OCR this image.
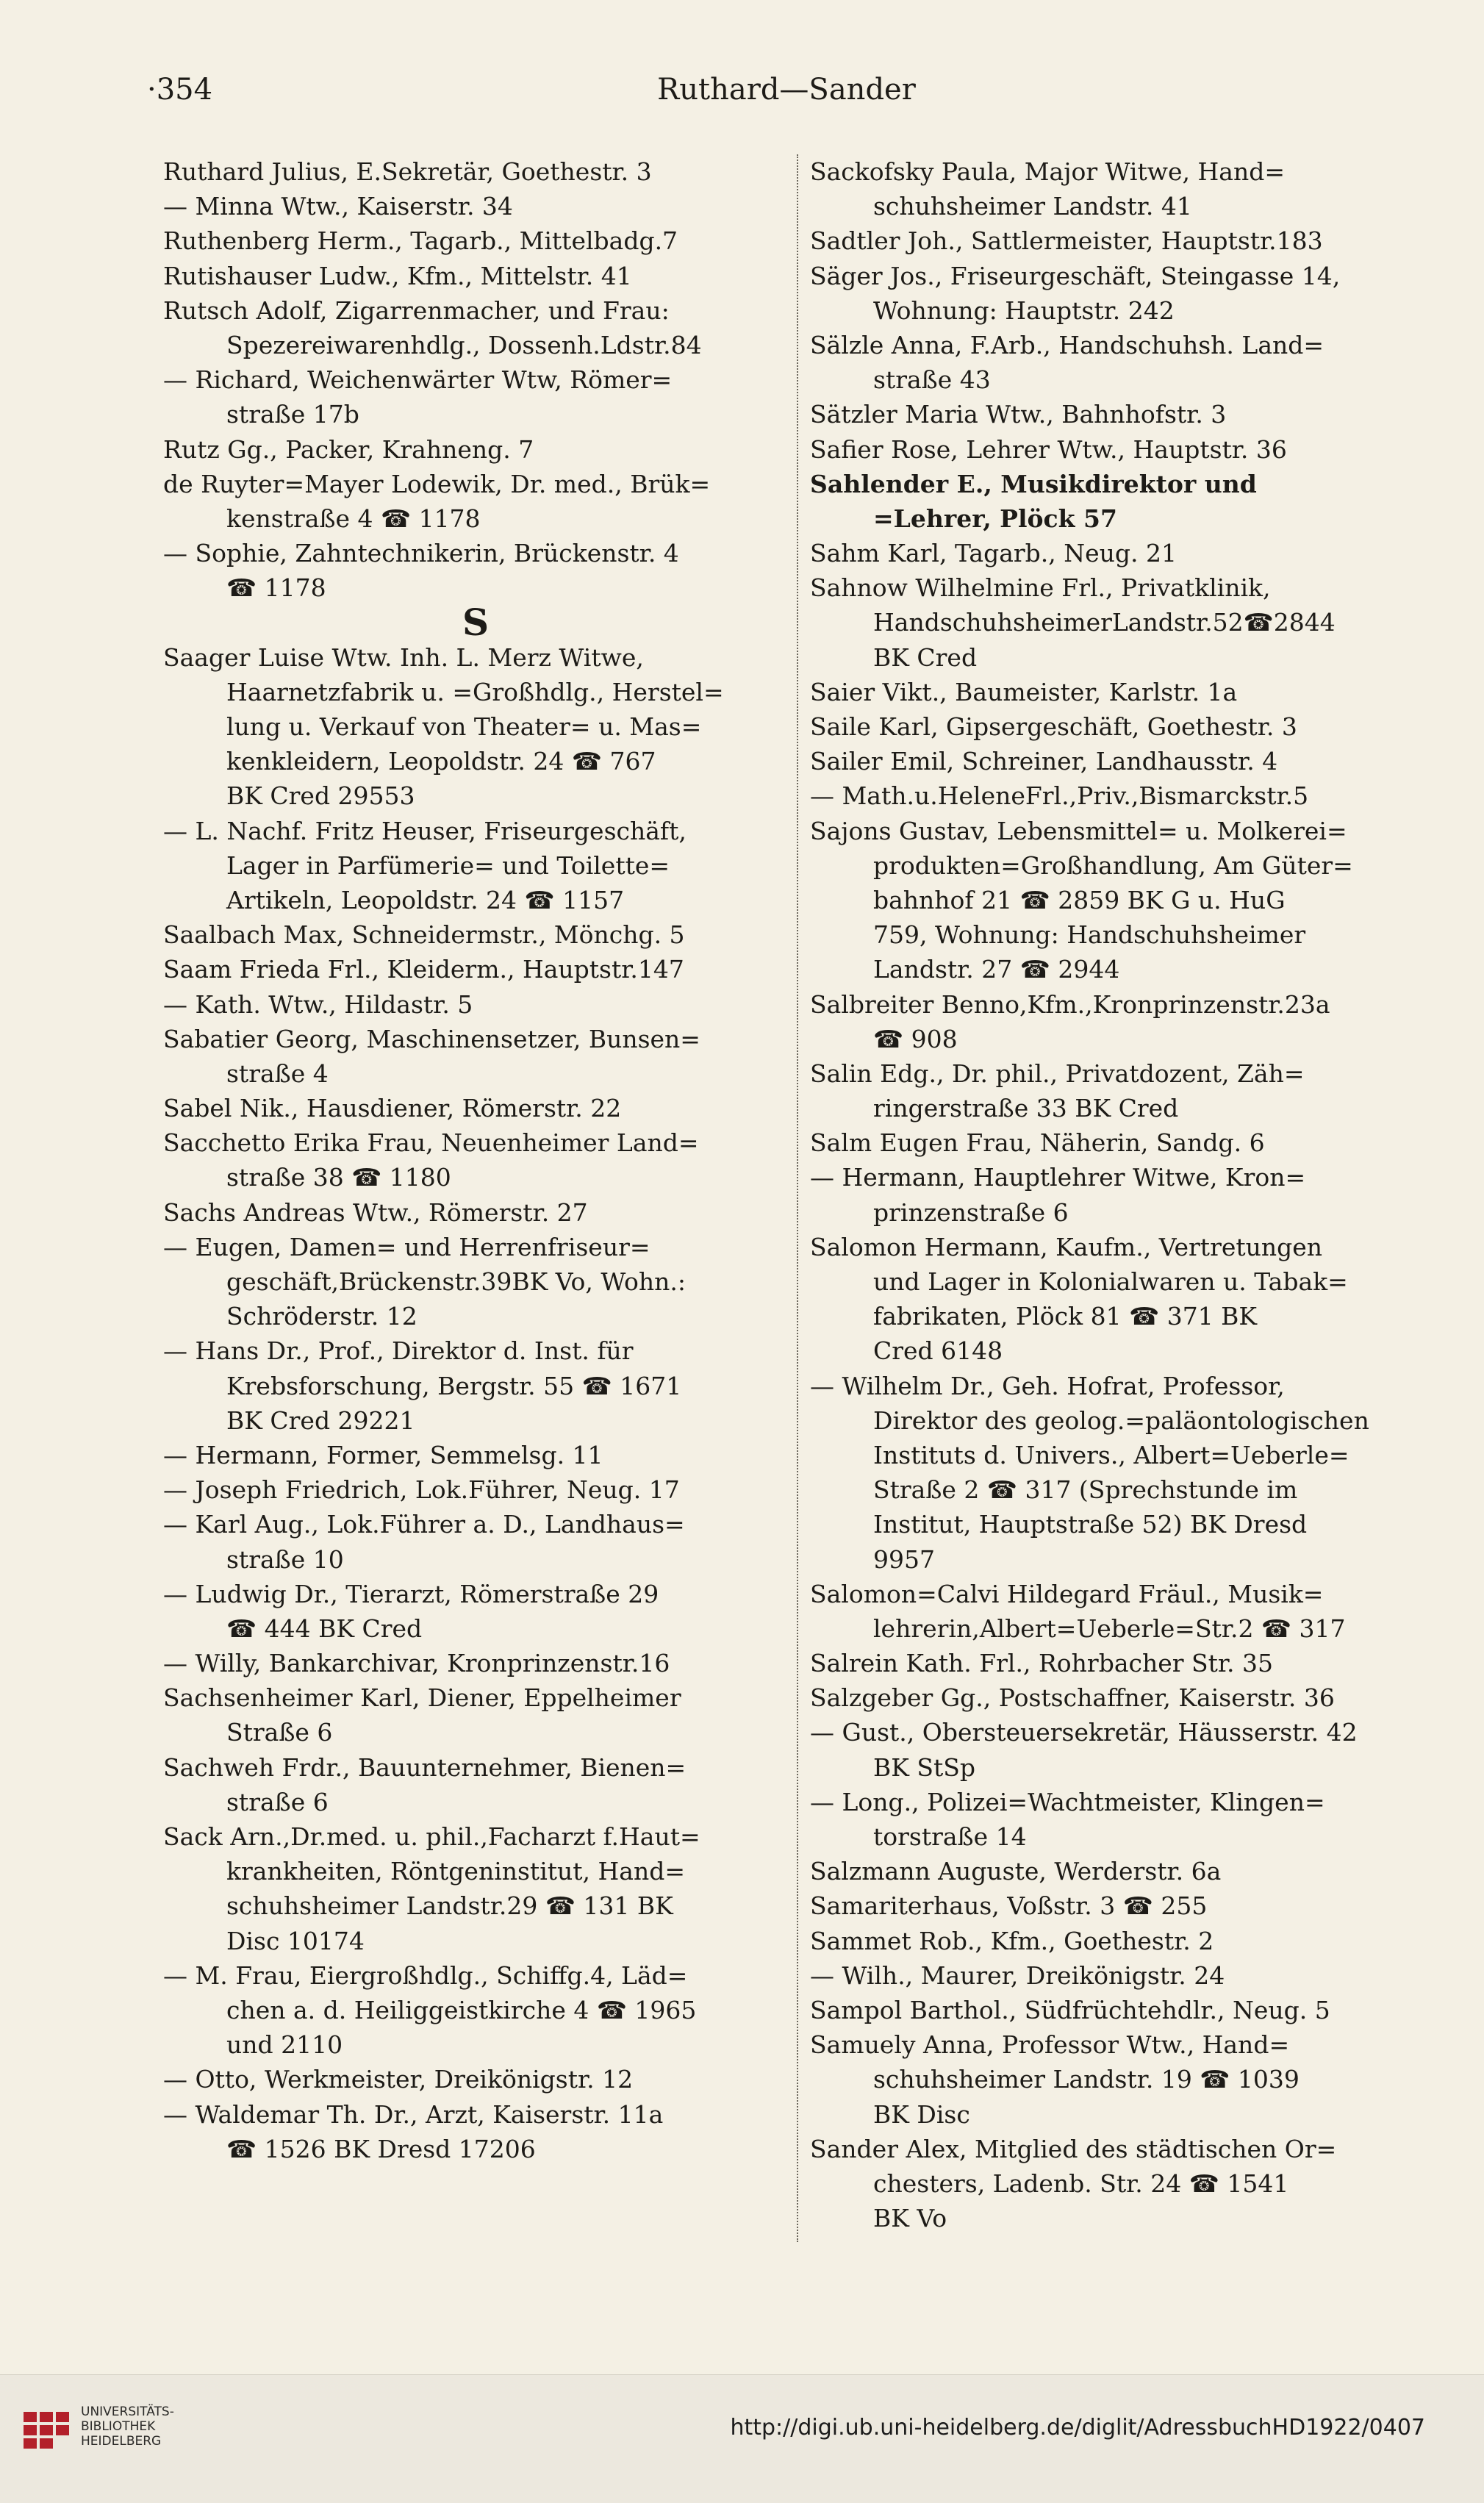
·354	Ruthard—Sander
Ruthard Julius, E.Sekretär, Goethestr. 3
— Minna Wtw., Kaiserstr. 34
Ruthenberg Herm., Tagarb., Mittelbadg.7
Rutishauser Ludw., Kfm., Mittelstr. 41
Rutsch Adolf, Zigarrenmacher, und Frau:
Spezereiwarenhdlg., Dossenh.Ldstr.84
— Richard, Weichenwärter Wtw, Römer=
straße 17b
Rutz Gg., Packer, Krahneng. 7
de Ruyter=Mayer Lodewik, Dr. med., Brük=
kenstraße 4 ☎ 1178
— Sophie, Zahntechnikerin, Brückenstr. 4
☎ 1178
S
Saager Luise Wtw. Inh. L. Merz Witwe,
Haarnetzfabrik u. =Großhdlg., Herstel=
lung u. Verkauf von Theater= u. Mas=
kenkleidern, Leopoldstr. 24 ☎ 767
BK Cred 29553
— L. Nachf. Fritz Heuser, Friseurgeschäft,
Lager in Parfümerie= und Toilette=
Artikeln, Leopoldstr. 24 ☎ 1157
Saalbach Max, Schneidermstr., Mönchg. 5
Saam Frieda Frl., Kleiderm., Hauptstr.147
— Kath. Wtw., Hildastr. 5
Sabatier Georg, Maschinensetzer, Bunsen=
straße 4
Sabel Nik., Hausdiener, Römerstr. 22
Sacchetto Erika Frau, Neuenheimer Land=
straße 38 ☎ 1180
Sachs Andreas Wtw., Römerstr. 27
— Eugen, Damen= und Herrenfriseur=
geschäft,Brückenstr.39BK Vo, Wohn.:
Schröderstr. 12
— Hans Dr., Prof., Direktor d. Inst. für
Krebsforschung, Bergstr. 55 ☎ 1671
BK Cred 29221
— Hermann, Former, Semmelsg. 11
— Joseph Friedrich, Lok.Führer, Neug. 17
— Karl Aug., Lok.Führer a. D., Landhaus=
straße 10
— Ludwig Dr., Tierarzt, Römerstraße 29
☎ 444 BK Cred
— Willy, Bankarchivar, Kronprinzenstr.16
Sachsenheimer Karl, Diener, Eppelheimer
Straße 6
Sachweh Frdr., Bauunternehmer, Bienen=
straße 6
Sack Arn.,Dr.med. u. phil.,Facharzt f.Haut=
krankheiten, Röntgeninstitut, Hand=
schuhsheimer Landstr.29 ☎ 131 BK
Disc 10174
— M. Frau, Eiergroßhdlg., Schiffg.4, Läd=
chen a. d. Heiliggeistkirche 4 ☎ 1965
und 2110
— Otto, Werkmeister, Dreikönigstr. 12
— Waldemar Th. Dr., Arzt, Kaiserstr. 11a
☎ 1526 BK Dresd 17206
Sackofsky Paula, Major Witwe, Hand=
schuhsheimer Landstr. 41
Sadtler Joh., Sattlermeister, Hauptstr.183
Säger Jos., Friseurgeschäft, Steingasse 14,
Wohnung: Hauptstr. 242
Sälzle Anna, F.Arb., Handschuhsh. Land=
straße 43
Sätzler Maria Wtw., Bahnhofstr. 3
Safier Rose, Lehrer Wtw., Hauptstr. 36
Sahlender E., Musikdirektor und
=Lehrer, Plöck 57
Sahm Karl, Tagarb., Neug. 21
Sahnow Wilhelmine Frl., Privatklinik,
HandschuhsheimerLandstr.52☎2844
BK Cred
Saier Vikt., Baumeister, Karlstr. 1a
Saile Karl, Gipsergeschäft, Goethestr. 3
Sailer Emil, Schreiner, Landhausstr. 4
— Math.u.HeleneFrl.,Priv.,Bismarckstr.5
Sajons Gustav, Lebensmittel= u. Molkerei=
produkten=Großhandlung, Am Güter=
bahnhof 21 ☎ 2859 BK G u. HuG
759, Wohnung: Handschuhsheimer
Landstr. 27 ☎ 2944
Salbreiter Benno,Kfm.,Kronprinzenstr.23a
☎ 908
Salin Edg., Dr. phil., Privatdozent, Zäh=
ringerstraße 33 BK Cred
Salm Eugen Frau, Näherin, Sandg. 6
— Hermann, Hauptlehrer Witwe, Kron=
prinzenstraße 6
Salomon Hermann, Kaufm., Vertretungen
und Lager in Kolonialwaren u. Tabak=
fabrikaten, Plöck 81 ☎ 371 BK
Cred 6148
— Wilhelm Dr., Geh. Hofrat, Professor,
Direktor des geolog.=paläontologischen
Instituts d. Univers., Albert=Ueberle=
Straße 2 ☎ 317 (Sprechstunde im
Institut, Hauptstraße 52) BK Dresd
9957
Salomon=Calvi Hildegard Fräul., Musik=
lehrerin,Albert=Ueberle=Str.2 ☎ 317
Salrein Kath. Frl., Rohrbacher Str. 35
Salzgeber Gg., Postschaffner, Kaiserstr. 36
— Gust., Obersteuersekretär, Häusserstr. 42
BK StSp
— Long., Polizei=Wachtmeister, Klingen=
torstraße 14
Salzmann Auguste, Werderstr. 6a
Samariterhaus, Voßstr. 3 ☎ 255
Sammet Rob., Kfm., Goethestr. 2
— Wilh., Maurer, Dreikönigstr. 24
Sampol Barthol., Südfrüchtehdlr., Neug. 5
Samuely Anna, Professor Wtw., Hand=
schuhsheimer Landstr. 19 ☎ 1039
BK Disc
Sander Alex, Mitglied des städtischen Or=
chesters, Ladenb. Str. 24 ☎ 1541
BK Vo
UNIVERSITÄTS-
BIBLIOTHEK
HEIDELBERG
http://digi.ub.uni-heidelberg.de/diglit/AdressbuchHD1922/0407
